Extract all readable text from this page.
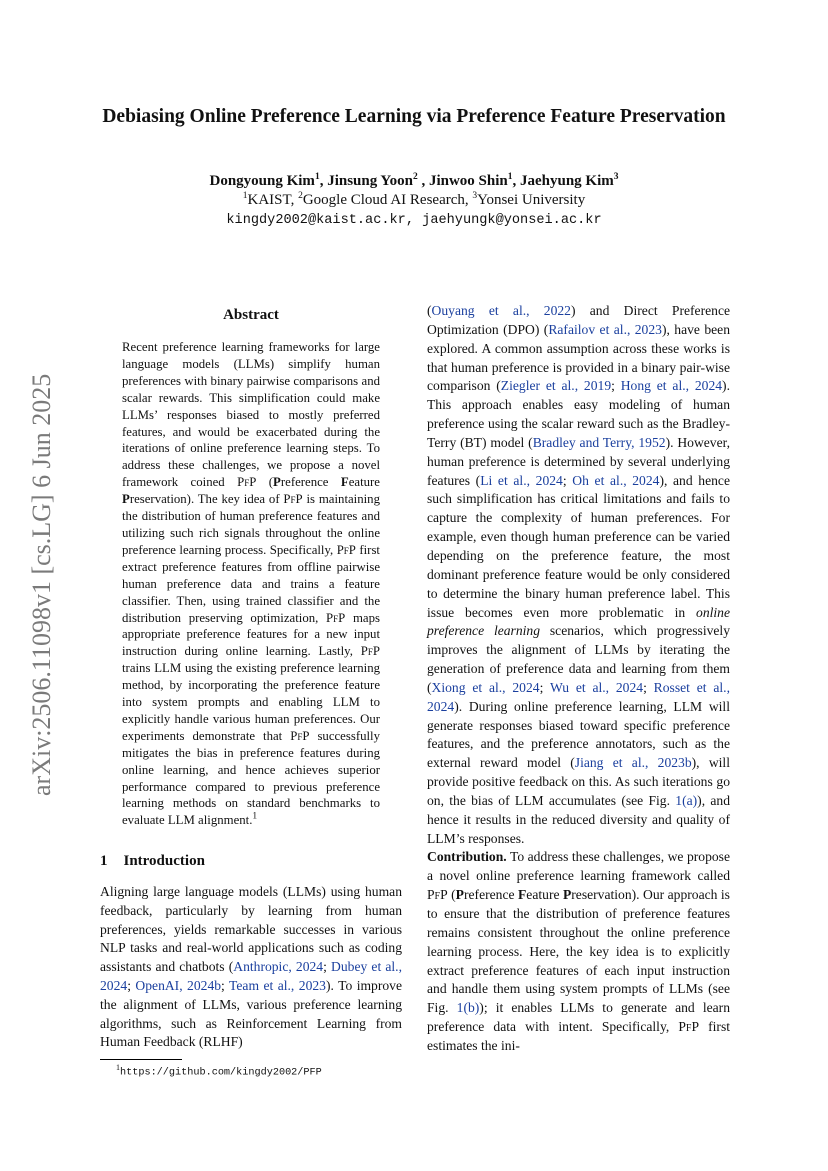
arXiv:2506.11098v1 [cs.LG] 6 Jun 2025
Debiasing Online Preference Learning via Preference Feature Preservation
Dongyoung Kim$^1$, Jinsung Yoon$^2$ , Jinwoo Shin$^1$, Jaehyung Kim$^3$
$^1$KAIST, $^2$Google Cloud AI Research, $^3$Yonsei University
kingdy2002@kaist.ac.kr, jaehyungk@yonsei.ac.kr
Abstract
Recent preference learning frameworks for large language models (LLMs) simplify human preferences with binary pairwise comparisons and scalar rewards. This simplification could make LLMs’ responses biased to mostly preferred features, and would be exacerbated during the iterations of online preference learning steps. To address these challenges, we propose a novel framework coined PfP (Preference Feature Preservation). The key idea of PfP is maintaining the distribution of human preference features and utilizing such rich signals throughout the online preference learning process. Specifically, PfP first extract preference features from offline pairwise human preference data and trains a feature classifier. Then, using trained classifier and the distribution preserving optimization, PfP maps appropriate preference features for a new input instruction during online learning. Lastly, PfP trains LLM using the existing preference learning method, by incorporating the preference feature into system prompts and enabling LLM to explicitly handle various human preferences. Our experiments demonstrate that PfP successfully mitigates the bias in preference features during online learning, and hence achieves superior performance compared to previous preference learning methods on standard benchmarks to evaluate LLM alignment.$^1$
1 Introduction
Aligning large language models (LLMs) using human feedback, particularly by learning from human preferences, yields remarkable successes in various NLP tasks and real-world applications such as coding assistants and chatbots (Anthropic, 2024; Dubey et al., 2024; OpenAI, 2024b; Team et al., 2023). To improve the alignment of LLMs, various preference learning algorithms, such as Reinforcement Learning from Human Feedback (RLHF)
$^1$https://github.com/kingdy2002/PFP

(Ouyang et al., 2022) and Direct Preference Optimization (DPO) (Rafailov et al., 2023), have been explored. A common assumption across these works is that human preference is provided in a binary pair-wise comparison (Ziegler et al., 2019; Hong et al., 2024). This approach enables easy modeling of human preference using the scalar reward such as the Bradley-Terry (BT) model (Bradley and Terry, 1952). However, human preference is determined by several underlying features (Li et al., 2024; Oh et al., 2024), and hence such simplification has critical limitations and fails to capture the complexity of human preferences. For example, even though human preference can be varied depending on the preference feature, the most dominant preference feature would be only considered to determine the binary human preference label. This issue becomes even more problematic in online preference learning scenarios, which progressively improves the alignment of LLMs by iterating the generation of preference data and learning from them (Xiong et al., 2024; Wu et al., 2024; Rosset et al., 2024). During online preference learning, LLM will generate responses biased toward specific preference features, and the preference annotators, such as the external reward model (Jiang et al., 2023b), will provide positive feedback on this. As such iterations go on, the bias of LLM accumulates (see Fig. 1(a)), and hence it results in the reduced diversity and quality of LLM’s responses.

Contribution. To address these challenges, we propose a novel online preference learning framework called PfP (Preference Feature Preservation). Our approach is to ensure that the distribution of preference features remains consistent throughout the online preference learning process. Here, the key idea is to explicitly extract preference features of each input instruction and handle them using system prompts of LLMs (see Fig. 1(b)); it enables LLMs to generate and learn preference data with intent. Specifically, PfP first estimates the ini-
